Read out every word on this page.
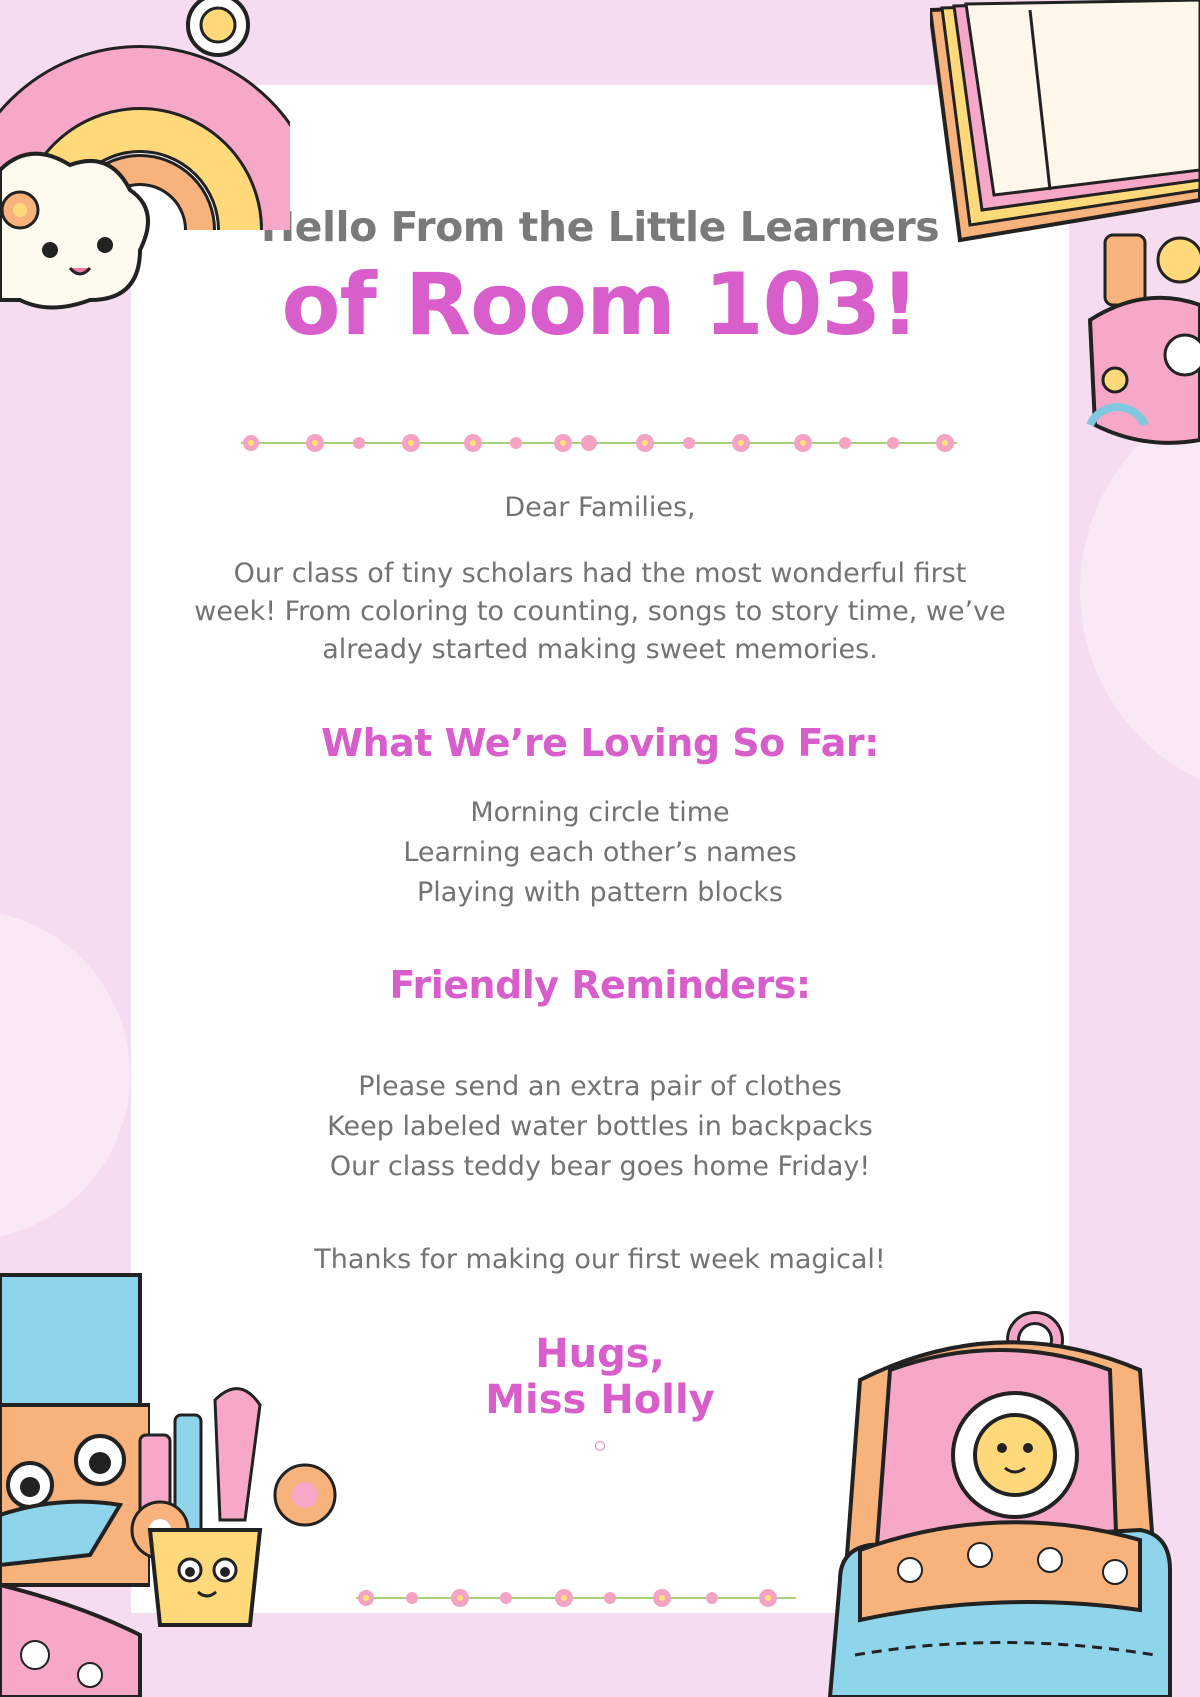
Hello From the Little Learners
of Room 103!
Dear Families,
Our class of tiny scholars had the most wonderful first week! From coloring to counting, songs to story time, we’ve already started making sweet memories.
What We’re Loving So Far:
Morning circle time
Learning each other’s names
Playing with pattern blocks
Friendly Reminders:
Please send an extra pair of clothes
Keep labeled water bottles in backpacks
Our class teddy bear goes home Friday!
Thanks for making our first week magical!
Hugs,
Miss Holly
